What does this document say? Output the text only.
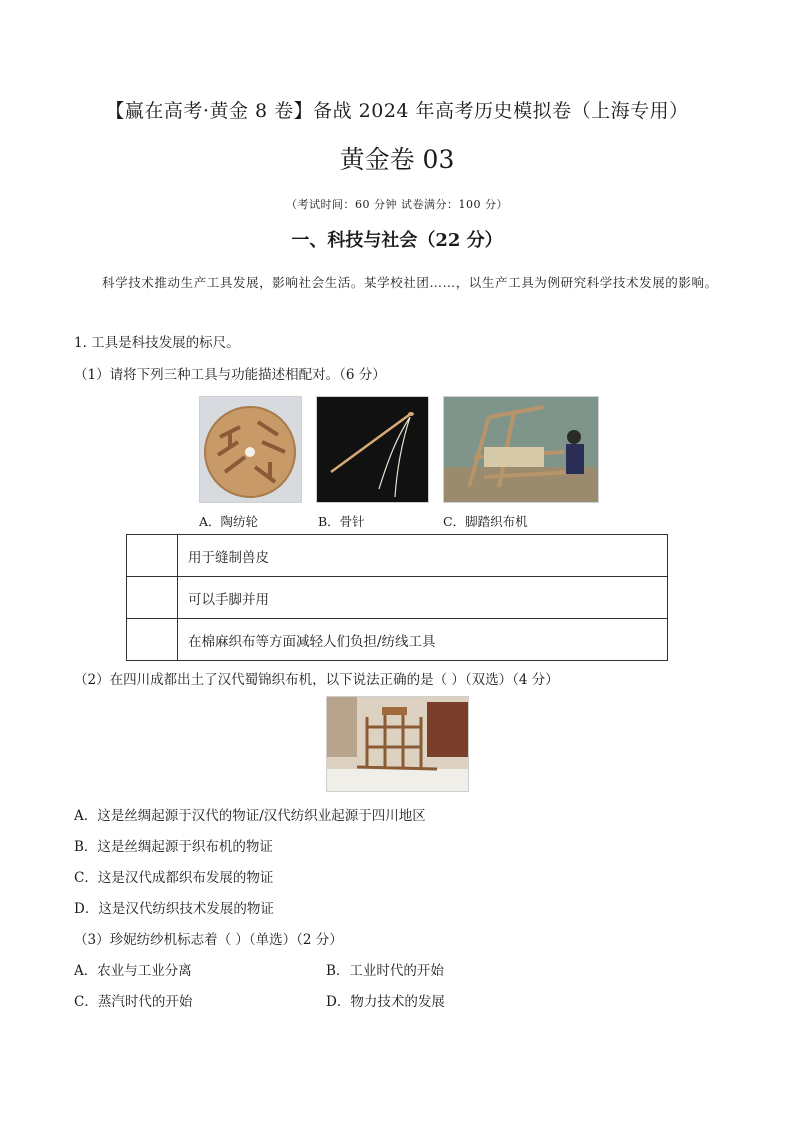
【赢在高考·黄金 8 卷】备战 2024 年高考历史模拟卷（上海专用）
黄金卷 03
（考试时间：60 分钟 试卷满分：100 分）
一、科技与社会（22 分）
科学技术推动生产工具发展，影响社会生活。某学校社团……，以生产工具为例研究科学技术发展的影响。
1. 工具是科技发展的标尺。
（1）请将下列三种工具与功能描述相配对。（6 分）
A．陶纺轮	B．骨针	C．脚踏织布机
	用于缝制兽皮
	可以手脚并用
	在棉麻织布等方面减轻人们负担/纺线工具
（2）在四川成都出土了汉代蜀锦织布机，以下说法正确的是（ ）（双选）（4 分）
A．这是丝绸起源于汉代的物证/汉代纺织业起源于四川地区
B．这是丝绸起源于织布机的物证
C．这是汉代成都织布发展的物证
D．这是汉代纺织技术发展的物证
（3）珍妮纺纱机标志着（ ）（单选）（2 分）
A．农业与工业分离	B．工业时代的开始
C．蒸汽时代的开始	D．物力技术的发展
